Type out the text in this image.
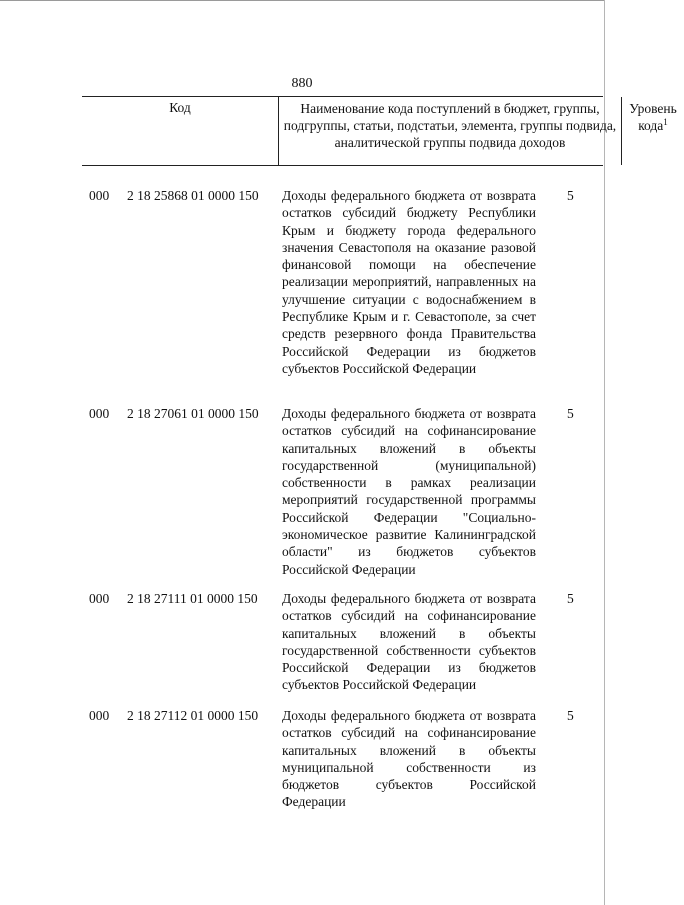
880
Код	Наименование кода поступлений в бюджет, группы, подгруппы, статьи, подстатьи, элемента, группы подвида, аналитической группы подвида доходов
Уровень кода$^1$
000 2 18 25868 01 0000 150 Доходы федерального бюджета от возврата остатков субсидий бюджету Республики Крым и бюджету города федерального значения Севастополя на оказание разовой финансовой помощи на обеспечение реализации мероприятий, направленных на улучшение ситуации с водоснабжением в Республике Крым и г. Севастополе, за счет средств резервного фонда Правительства Российской Федерации из бюджетов субъектов Российской Федерации
5
000 2 18 27061 01 0000 150 Доходы федерального бюджета от возврата остатков субсидий на софинансирование капитальных вложений в объекты государственной (муниципальной) собственности в рамках реализации мероприятий государственной программы Российской Федерации "Социально-экономическое развитие Калининградской области" из бюджетов субъектов Российской Федерации
5
000 2 18 27111 01 0000 150 Доходы федерального бюджета от возврата остатков субсидий на софинансирование капитальных вложений в объекты государственной собственности субъектов Российской Федерации из бюджетов субъектов Российской Федерации
5
000 2 18 27112 01 0000 150 Доходы федерального бюджета от возврата остатков субсидий на софинансирование капитальных вложений в объекты муниципальной собственности из бюджетов субъектов Российской Федерации
5
